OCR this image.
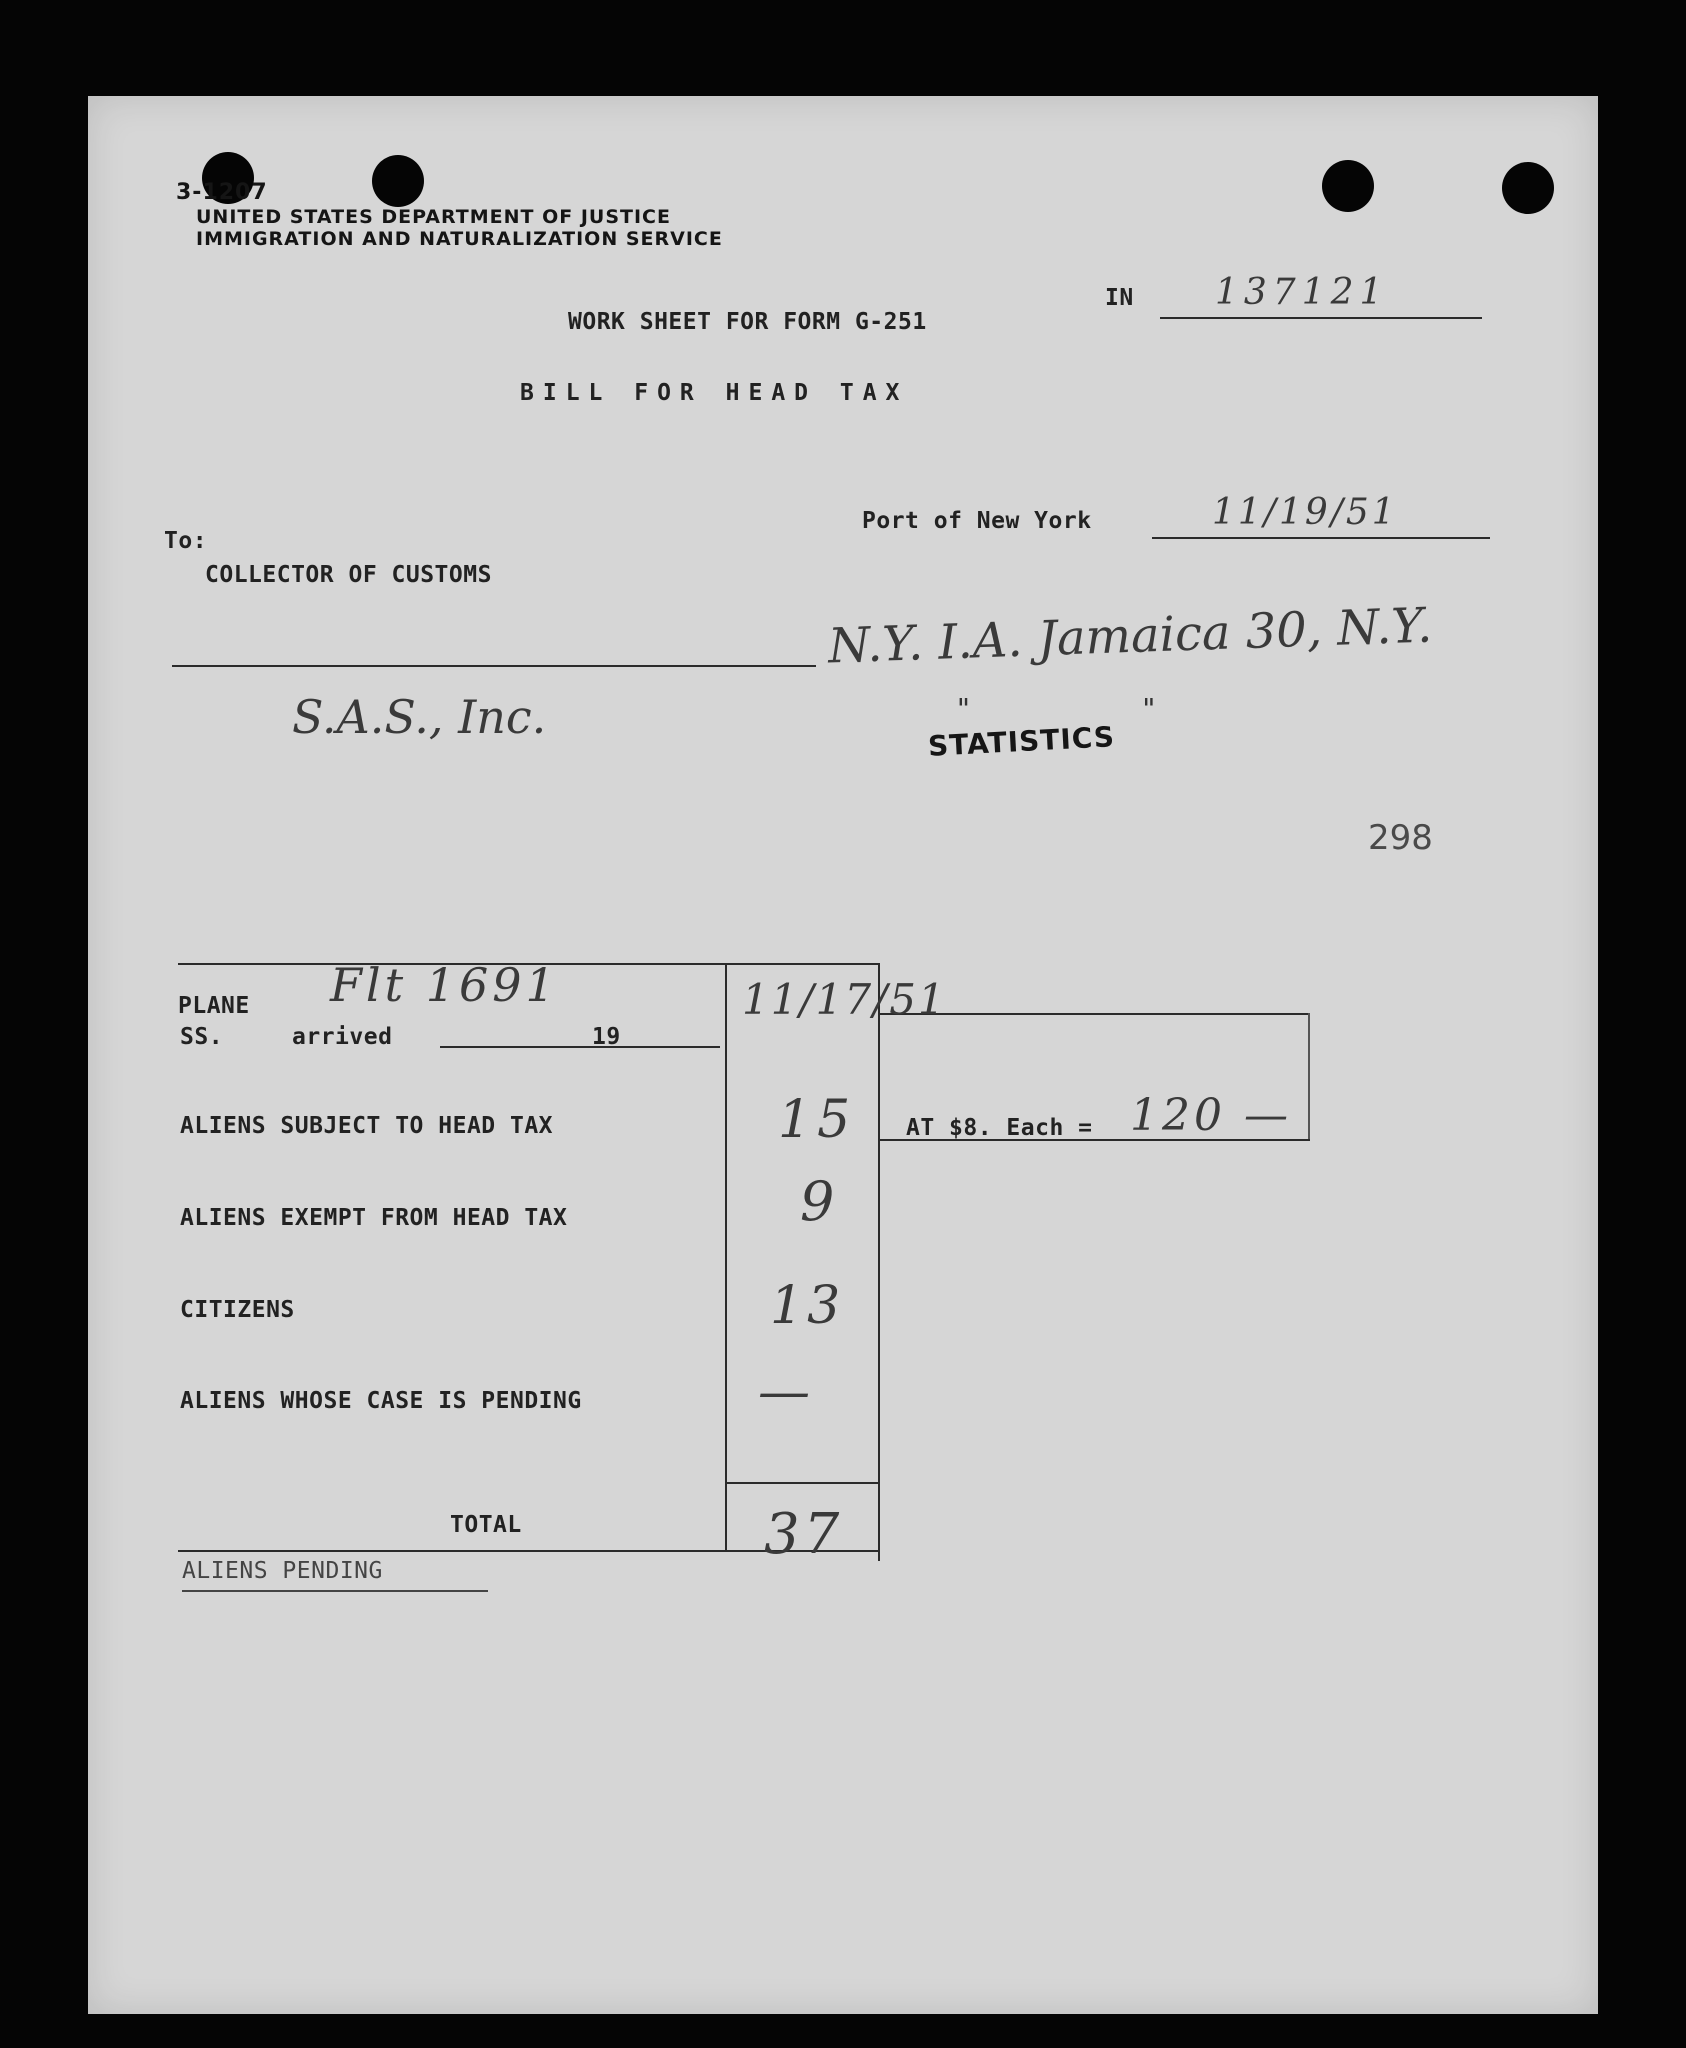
3-1207
UNITED STATES DEPARTMENT OF JUSTICE
IMMIGRATION AND NATURALIZATION SERVICE
IN 137121
WORK SHEET FOR FORM G-251
BILL FOR HEAD TAX
Port of New York	11/19/51
To:
COLLECTOR OF CUSTOMS
N.Y. I.A. Jamaica 30, N.Y.
S.A.S., Inc.	"          "
STATISTICS
298
PLANE Flt 1691
SS.	arrived	19
11/17/51
ALIENS SUBJECT TO HEAD TAX	15 AT $8. Each = 120 —
ALIENS EXEMPT FROM HEAD TAX	9
CITIZENS	13
ALIENS WHOSE CASE IS PENDING	—
TOTAL	37
ALIENS PENDING
